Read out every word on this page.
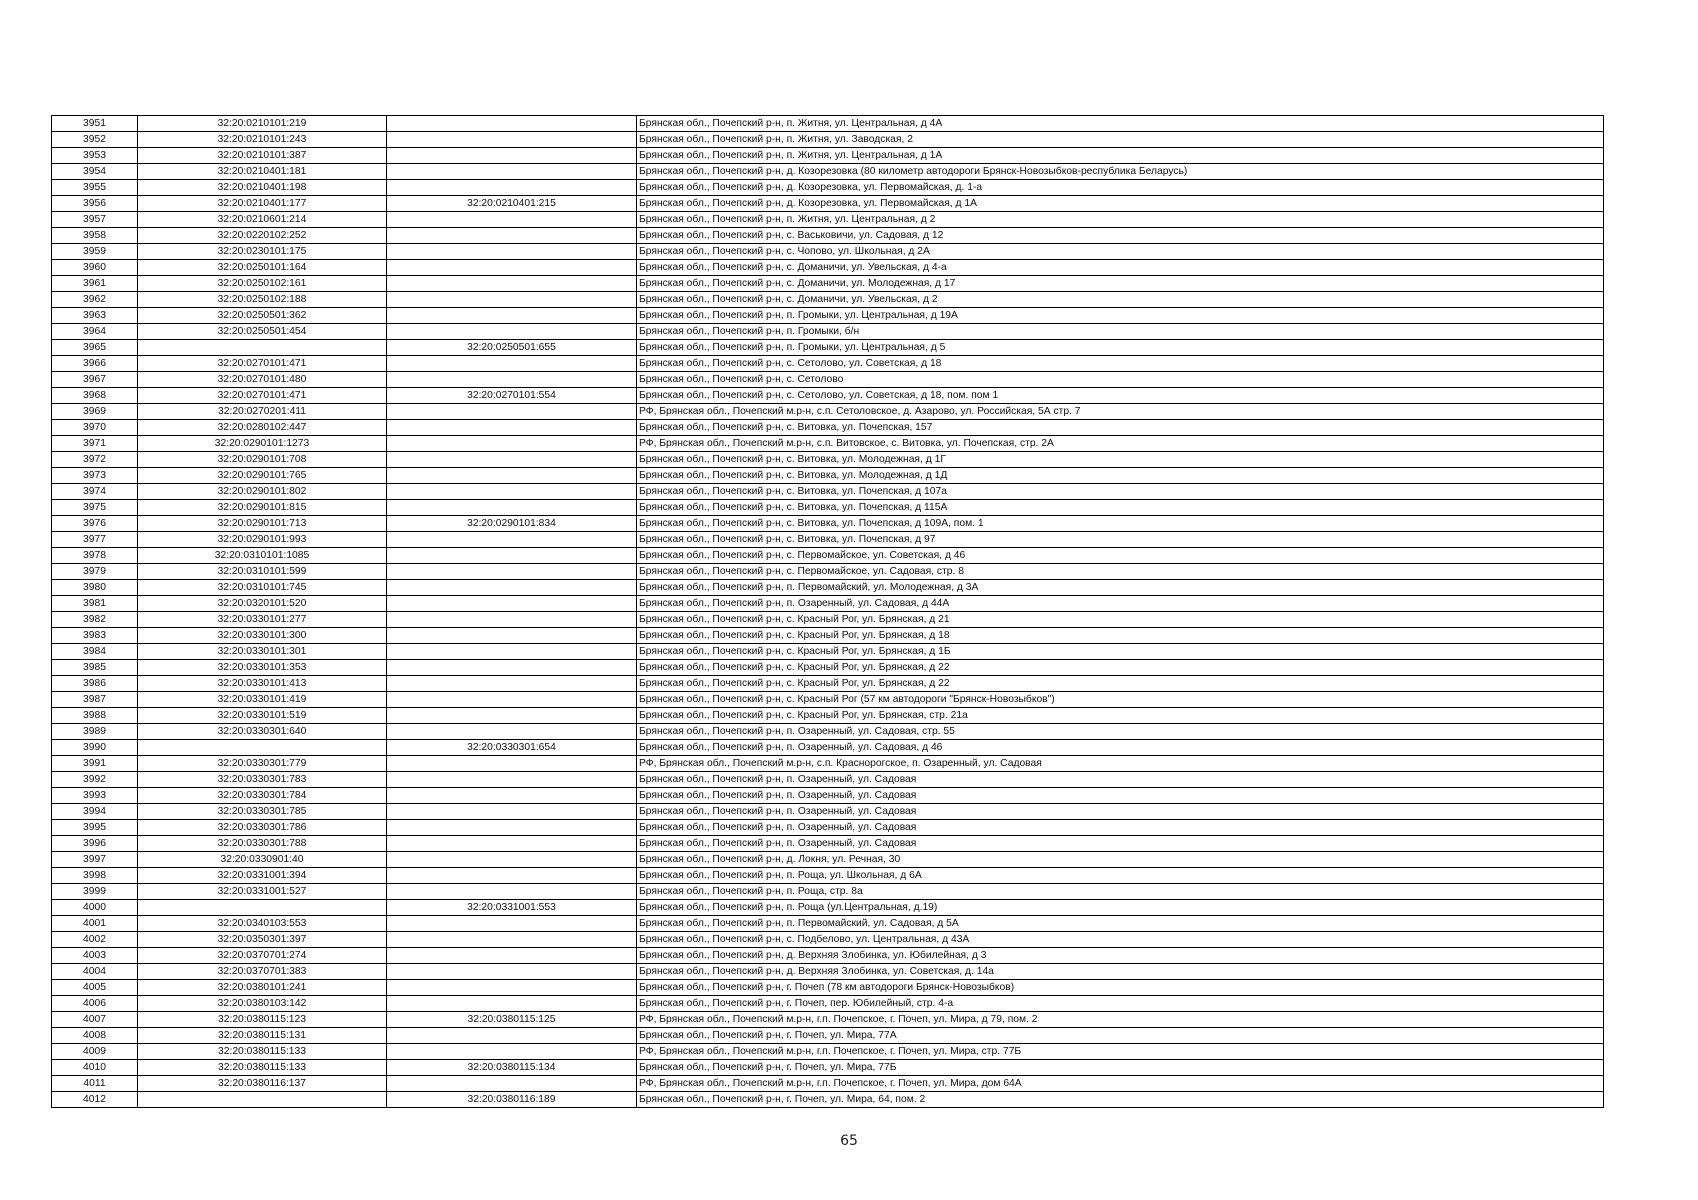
3951	32:20:0210101:219		Брянская обл., Почепский р-н, п. Житня, ул. Центральная, д 4А
3952	32:20:0210101:243		Брянская обл., Почепский р-н, п. Житня, ул. Заводская, 2
3953	32:20:0210101:387		Брянская обл., Почепский р-н, п. Житня, ул. Центральная, д 1А
3954	32:20:0210401:181		Брянская обл., Почепский р-н, д. Козорезовка (80 километр автодороги Брянск-Новозыбков-республика Беларусь)
3955	32:20:0210401:198		Брянская обл., Почепский р-н, д. Козорезовка, ул. Первомайская, д. 1-а
3956	32:20:0210401:177	32:20:0210401:215	Брянская обл., Почепский р-н, д. Козорезовка, ул. Первомайская, д 1А
3957	32:20:0210601:214		Брянская обл., Почепский р-н, п. Житня, ул. Центральная, д 2
3958	32:20:0220102:252		Брянская обл., Почепский р-н, с. Васьковичи, ул. Садовая, д 12
3959	32:20:0230101:175		Брянская обл., Почепский р-н, с. Чопово, ул. Школьная, д 2А
3960	32:20:0250101:164		Брянская обл., Почепский р-н, с. Доманичи, ул. Увельская, д 4-а
3961	32:20:0250102:161		Брянская обл., Почепский р-н, с. Доманичи, ул. Молодежная, д 17
3962	32:20:0250102:188		Брянская обл., Почепский р-н, с. Доманичи, ул. Увельская, д 2
3963	32:20:0250501:362		Брянская обл., Почепский р-н, п. Громыки, ул. Центральная, д 19А
3964	32:20:0250501:454		Брянская обл., Почепский р-н, п. Громыки, б/н
3965		32:20:0250501:655	Брянская обл., Почепский р-н, п. Громыки, ул. Центральная, д 5
3966	32:20:0270101:471		Брянская обл., Почепский р-н, с. Сетолово, ул. Советская, д 18
3967	32:20:0270101:480		Брянская обл., Почепский р-н, с. Сетолово
3968	32:20:0270101:471	32:20:0270101:554	Брянская обл., Почепский р-н, с. Сетолово, ул. Советская, д 18, пом. пом 1
3969	32:20:0270201:411		РФ, Брянская обл., Почепский м.р-н, с.п. Сетоловское, д. Азарово, ул. Российская, 5А стр. 7
3970	32:20:0280102:447		Брянская обл., Почепский р-н, с. Витовка, ул. Почепская, 157
3971	32:20:0290101:1273		РФ, Брянская обл., Почепский м.р-н, с.п. Витовское, с. Витовка, ул. Почепская, стр. 2А
3972	32:20:0290101:708		Брянская обл., Почепский р-н, с. Витовка, ул. Молодежная, д 1Г
3973	32:20:0290101:765		Брянская обл., Почепский р-н, с. Витовка, ул. Молодежная, д 1Д
3974	32:20:0290101:802		Брянская обл., Почепский р-н, с. Витовка, ул. Почепская, д 107а
3975	32:20:0290101:815		Брянская обл., Почепский р-н, с. Витовка, ул. Почепская, д 115А
3976	32:20:0290101:713	32:20:0290101:834	Брянская обл., Почепский р-н, с. Витовка, ул. Почепская, д 109А, пом. 1
3977	32:20:0290101:993		Брянская обл., Почепский р-н, с. Витовка, ул. Почепская, д 97
3978	32:20:0310101:1085		Брянская обл., Почепский р-н, с. Первомайское, ул. Советская, д 46
3979	32:20:0310101:599		Брянская обл., Почепский р-н, с. Первомайское, ул. Садовая, стр. 8
3980	32:20:0310101:745		Брянская обл., Почепский р-н, п. Первомайский, ул. Молодежная, д 3А
3981	32:20:0320101:520		Брянская обл., Почепский р-н, п. Озаренный, ул. Садовая, д 44А
3982	32:20:0330101:277		Брянская обл., Почепский р-н, с. Красный Рог, ул. Брянская, д 21
3983	32:20:0330101:300		Брянская обл., Почепский р-н, с. Красный Рог, ул. Брянская, д 18
3984	32:20:0330101:301		Брянская обл., Почепский р-н, с. Красный Рог, ул. Брянская, д 1Б
3985	32:20:0330101:353		Брянская обл., Почепский р-н, с. Красный Рог, ул. Брянская, д 22
3986	32:20:0330101:413		Брянская обл., Почепский р-н, с. Красный Рог, ул. Брянская, д 22
3987	32:20:0330101:419		Брянская обл., Почепский р-н, с. Красный Рог (57 км автодороги "Брянск-Новозыбков")
3988	32:20:0330101:519		Брянская обл., Почепский р-н, с. Красный Рог, ул. Брянская, стр. 21а
3989	32:20:0330301:640		Брянская обл., Почепский р-н, п. Озаренный, ул. Садовая, стр. 55
3990		32:20:0330301:654	Брянская обл., Почепский р-н, п. Озаренный, ул. Садовая, д 46
3991	32:20:0330301:779		РФ, Брянская обл., Почепский м.р-н, с.п. Красноpогское, п. Озаренный, ул. Садовая
3992	32:20:0330301:783		Брянская обл., Почепский р-н, п. Озаренный, ул. Садовая
3993	32:20:0330301:784		Брянская обл., Почепский р-н, п. Озаренный, ул. Садовая
3994	32:20:0330301:785		Брянская обл., Почепский р-н, п. Озаренный, ул. Садовая
3995	32:20:0330301:786		Брянская обл., Почепский р-н, п. Озаренный, ул. Садовая
3996	32:20:0330301:788		Брянская обл., Почепский р-н, п. Озаренный, ул. Садовая
3997	32:20:0330901:40		Брянская обл., Почепский р-н, д. Локня, ул. Речная, 30
3998	32:20:0331001:394		Брянская обл., Почепский р-н, п. Роща, ул. Школьная, д 6А
3999	32:20:0331001:527		Брянская обл., Почепский р-н, п. Роща, стр. 8а
4000		32:20:0331001:553	Брянская обл., Почепский р-н, п. Роща (ул.Центральная, д.19)
4001	32:20:0340103:553		Брянская обл., Почепский р-н, п. Первомайский, ул. Садовая, д 5А
4002	32:20:0350301:397		Брянская обл., Почепский р-н, с. Подбелово, ул. Центральная, д 43А
4003	32:20:0370701:274		Брянская обл., Почепский р-н, д. Верхняя Злобинка, ул. Юбилейная, д 3
4004	32:20:0370701:383		Брянская обл., Почепский р-н, д. Верхняя Злобинка, ул. Советская, д. 14а
4005	32:20:0380101:241		Брянская обл., Почепский р-н, г. Почеп (78 км автодороги Брянск-Новозыбков)
4006	32:20:0380103:142		Брянская обл., Почепский р-н, г. Почеп, пер. Юбилейный, стр. 4-а
4007	32:20:0380115:123	32:20:0380115:125	РФ, Брянская обл., Почепский м.р-н, г.п. Почепское, г. Почеп, ул. Мира, д 79, пом. 2
4008	32:20:0380115:131		Брянская обл., Почепский р-н, г. Почеп, ул. Мира, 77А
4009	32:20:0380115:133		РФ, Брянская обл., Почепский м.р-н, г.п. Почепское, г. Почеп, ул. Мира, стр. 77Б
4010	32:20:0380115:133	32:20:0380115:134	Брянская обл., Почепский р-н, г. Почеп, ул. Мира, 77Б
4011	32:20:0380116:137		РФ, Брянская обл., Почепский м.р-н, г.п. Почепское, г. Почеп, ул. Мира, дом 64А
4012		32:20:0380116:189	Брянская обл., Почепский р-н, г. Почеп, ул. Мира, 64, пом. 2
65
